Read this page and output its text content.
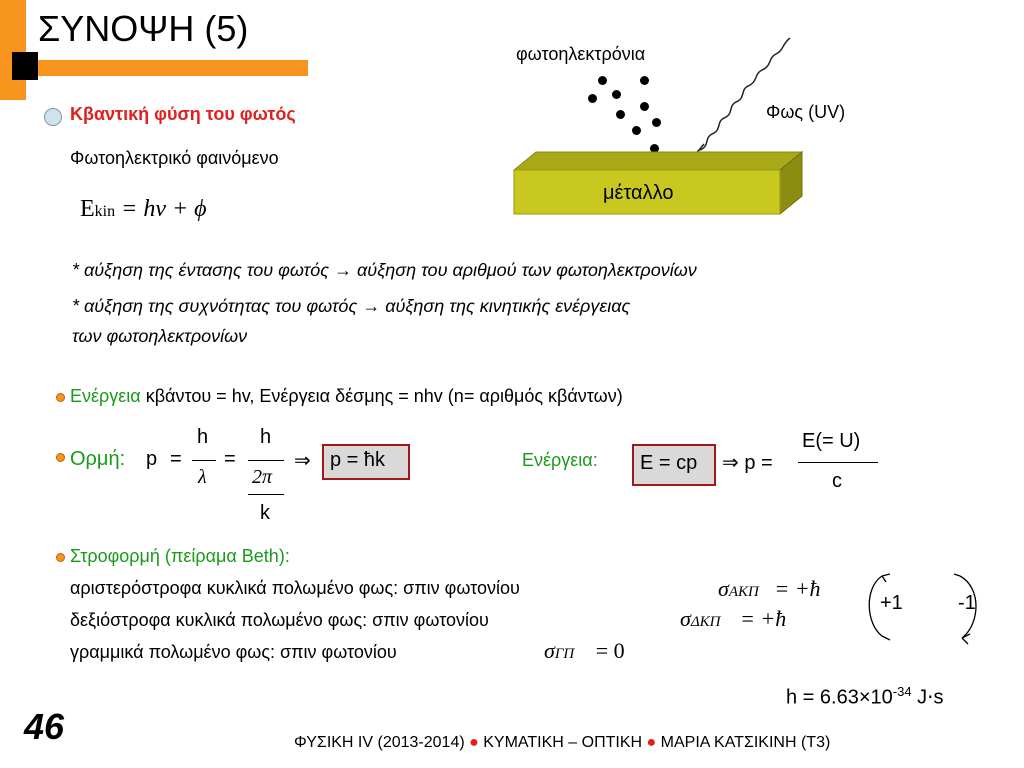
ΣΥΝΟΨΗ (5)
Κβαντική φύση του φωτός
Φωτοηλεκτρικό φαινόμενο
Ekin = hν + ϕ
φωτοηλεκτρόνια
Φως (UV)
μέταλλο
* αύξηση της έντασης του φωτός → αύξηση του αριθμού των φωτοηλεκτρονίων
* αύξηση της συχνότητας του φωτός → αύξηση της κινητικής ενέργειας
των φωτοηλεκτρονίων
Ενέργεια κβάντου = hv, Ενέργεια δέσμης = nhv (n= αριθμός κβάντων)
Ορμή: p =
h
λ
=
h
2π
k
⇒ p = ħk	Ενέργεια:	E = cp	⇒ p =
E(= U)
c
Στροφορμή (πείραμα Beth):
αριστερόστροφα κυκλικά πολωμένο φως: σπιν φωτονίου	σΑΚΠ = +ħ
δεξιόστροφα κυκλικά πολωμένο φως: σπιν φωτονίου	σΔΚΠ = +ħ
γραμμικά πολωμένο φως: σπιν φωτονίου	σΓΠ = 0
+1	-1
$h = 6.63\times 10^{-34}$ J⋅s
46	ΦΥΣΙΚΗ IV (2013-2014) ● ΚΥΜΑΤΙΚΗ – ΟΠΤΙΚΗ ● ΜΑΡΙΑ ΚΑΤΣΙΚΙΝΗ (Τ3)
